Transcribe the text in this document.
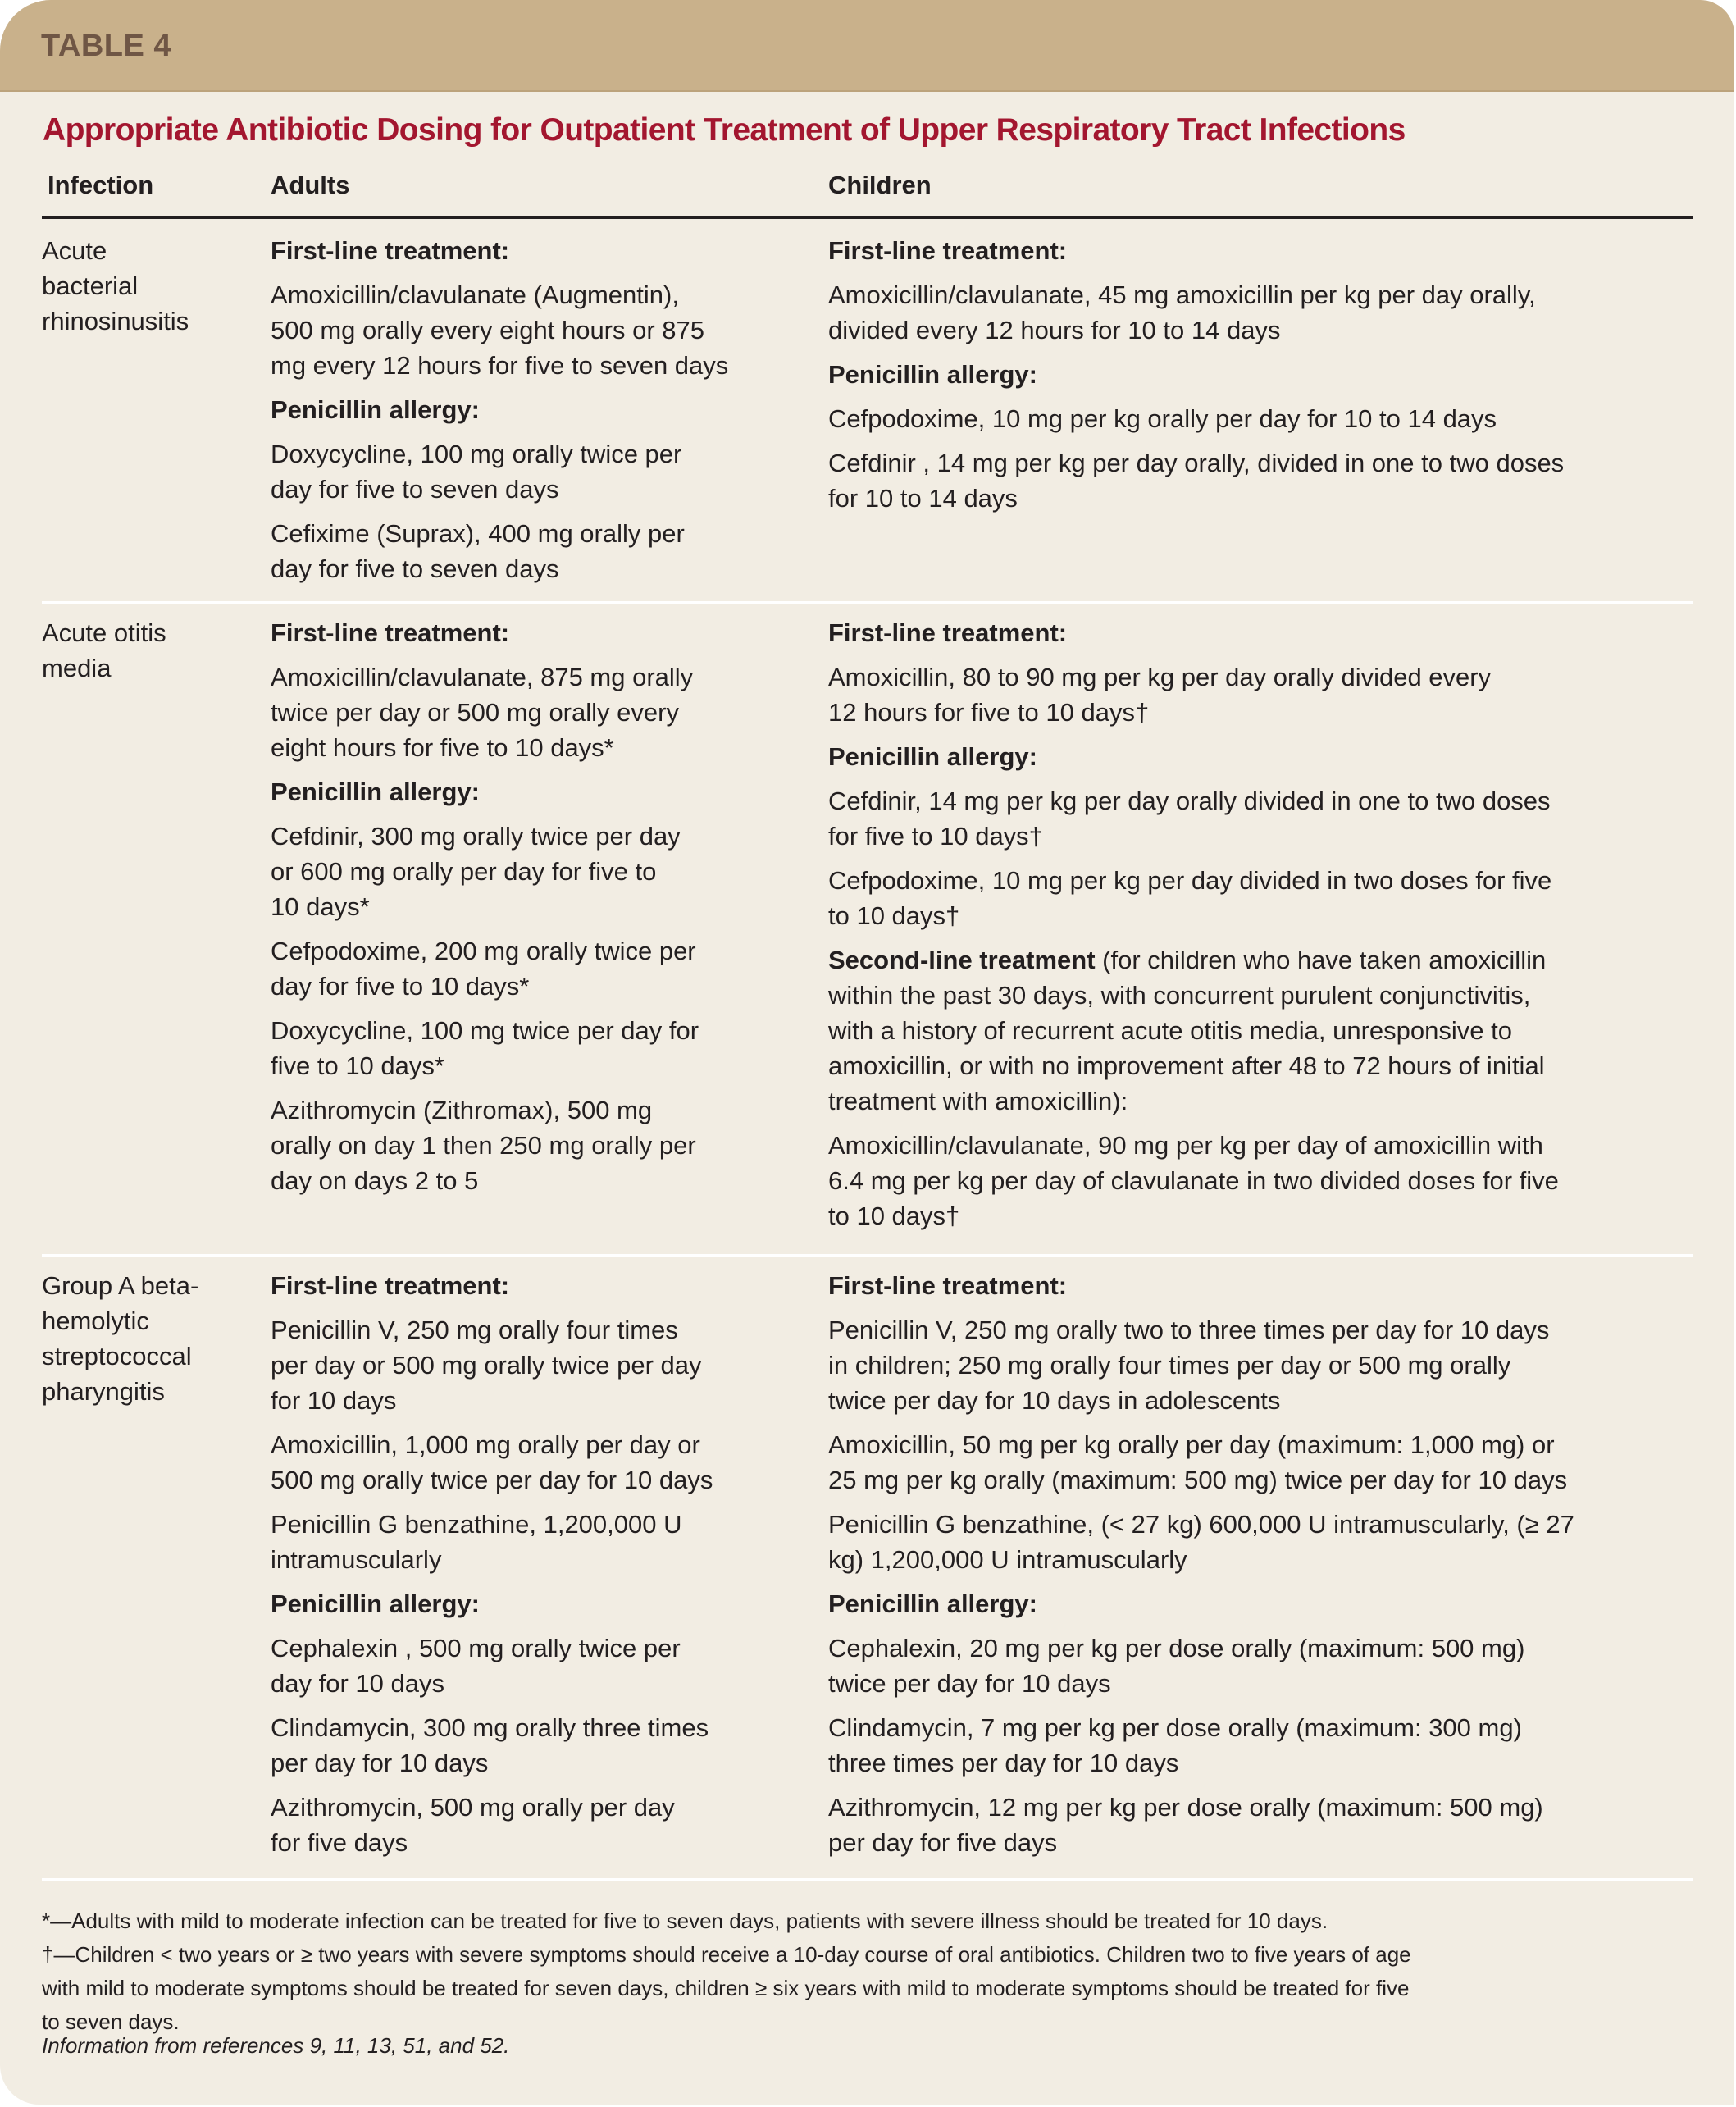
TABLE 4
Appropriate Antibiotic Dosing for Outpatient Treatment of Upper Respiratory Tract Infections
Infection	Adults	Children
Acute
bacterial
rhinosinusitis
First-line treatment:
Amoxicillin/clavulanate (Augmentin),
500 mg orally every eight hours or 875
mg every 12 hours for five to seven days
Penicillin allergy:
Doxycycline, 100 mg orally twice per
day for five to seven days
Cefixime (Suprax), 400 mg orally per
day for five to seven days
First-line treatment:
Amoxicillin/clavulanate, 45 mg amoxicillin per kg per day orally,
divided every 12 hours for 10 to 14 days
Penicillin allergy:
Cefpodoxime, 10 mg per kg orally per day for 10 to 14 days
Cefdinir , 14 mg per kg per day orally, divided in one to two doses
for 10 to 14 days
Acute otitis
media
First-line treatment:
Amoxicillin/clavulanate, 875 mg orally
twice per day or 500 mg orally every
eight hours for five to 10 days*
Penicillin allergy:
Cefdinir, 300 mg orally twice per day
or 600 mg orally per day for five to
10 days*
Cefpodoxime, 200 mg orally twice per
day for five to 10 days*
Doxycycline, 100 mg twice per day for
five to 10 days*
Azithromycin (Zithromax), 500 mg
orally on day 1 then 250 mg orally per
day on days 2 to 5
First-line treatment:
Amoxicillin, 80 to 90 mg per kg per day orally divided every
12 hours for five to 10 days†
Penicillin allergy:
Cefdinir, 14 mg per kg per day orally divided in one to two doses
for five to 10 days†
Cefpodoxime, 10 mg per kg per day divided in two doses for five
to 10 days†
Second-line treatment (for children who have taken amoxicillin
within the past 30 days, with concurrent purulent conjunctivitis,
with a history of recurrent acute otitis media, unresponsive to
amoxicillin, or with no improvement after 48 to 72 hours of initial
treatment with amoxicillin):
Amoxicillin/clavulanate, 90 mg per kg per day of amoxicillin with
6.4 mg per kg per day of clavulanate in two divided doses for five
to 10 days†
Group A beta-
hemolytic
streptococcal
pharyngitis
First-line treatment:
Penicillin V, 250 mg orally four times
per day or 500 mg orally twice per day
for 10 days
Amoxicillin, 1,000 mg orally per day or
500 mg orally twice per day for 10 days
Penicillin G benzathine, 1,200,000 U
intramuscularly
Penicillin allergy:
Cephalexin , 500 mg orally twice per
day for 10 days
Clindamycin, 300 mg orally three times
per day for 10 days
Azithromycin, 500 mg orally per day
for five days
First-line treatment:
Penicillin V, 250 mg orally two to three times per day for 10 days
in children; 250 mg orally four times per day or 500 mg orally
twice per day for 10 days in adolescents
Amoxicillin, 50 mg per kg orally per day (maximum: 1,000 mg) or
25 mg per kg orally (maximum: 500 mg) twice per day for 10 days
Penicillin G benzathine, (< 27 kg) 600,000 U intramuscularly, (≥ 27
kg) 1,200,000 U intramuscularly
Penicillin allergy:
Cephalexin, 20 mg per kg per dose orally (maximum: 500 mg)
twice per day for 10 days
Clindamycin, 7 mg per kg per dose orally (maximum: 300 mg)
three times per day for 10 days
Azithromycin, 12 mg per kg per dose orally (maximum: 500 mg)
per day for five days
*—Adults with mild to moderate infection can be treated for five to seven days, patients with severe illness should be treated for 10 days.
†—Children < two years or ≥ two years with severe symptoms should receive a 10-day course of oral antibiotics. Children two to five years of age
with mild to moderate symptoms should be treated for seven days, children ≥ six years with mild to moderate symptoms should be treated for five
to seven days.
Information from references 9, 11, 13, 51, and 52.
